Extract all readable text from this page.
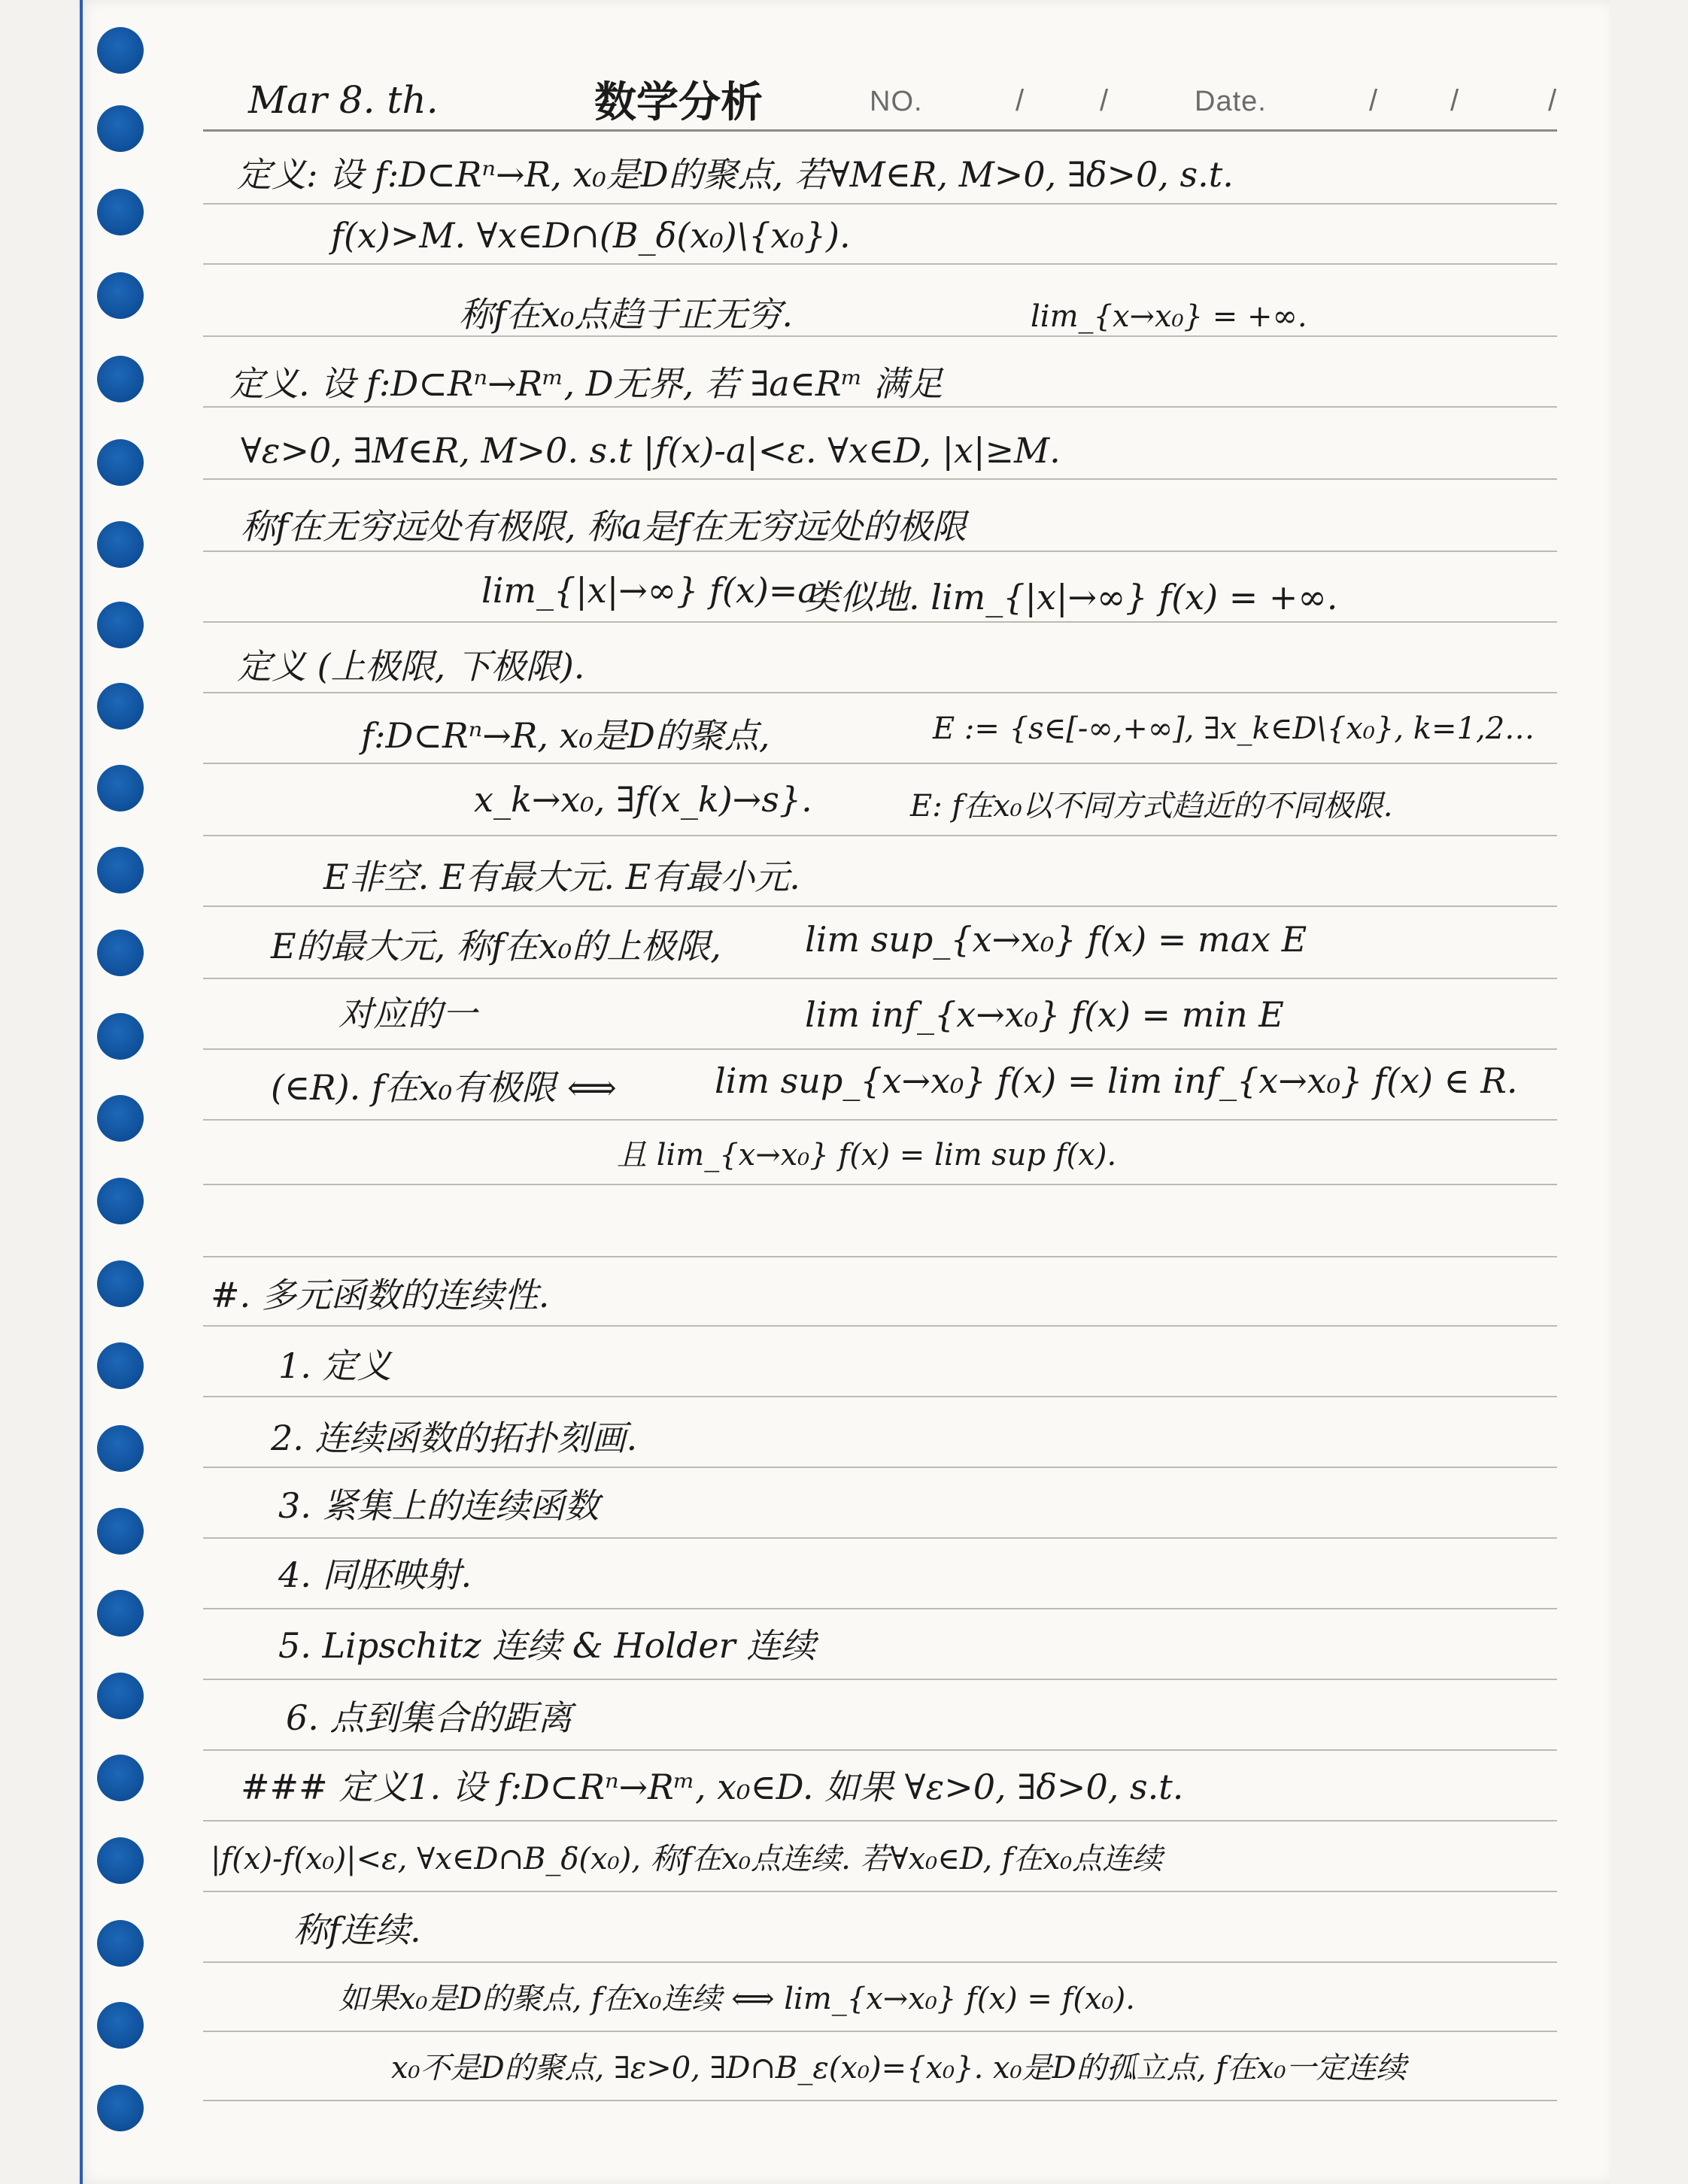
Mar 8. th.	数学分析	NO.	/	/	Date.	/ /	/
定义: 设 f:D⊂Rⁿ→R, x₀是D的聚点, 若∀M∈R, M>0, ∃δ>0, s.t.
f(x)>M. ∀x∈D∩(B_δ(x₀)\{x₀}).
称f在x₀点趋于正无穷.	lim_{x→x₀} = +∞.
定义. 设 f:D⊂Rⁿ→Rᵐ, D无界, 若 ∃a∈Rᵐ 满足
∀ε>0, ∃M∈R, M>0. s.t |f(x)-a|<ε. ∀x∈D, |x|≥M.
称f在无穷远处有极限, 称a是f在无穷远处的极限
lim_{|x|→∞} f(x)=a.
类似地. lim_{|x|→∞} f(x) = +∞.
定义 (上极限, 下极限).
f:D⊂Rⁿ→R, x₀是D的聚点,	E := {s∈[-∞,+∞], ∃x_k∈D\{x₀}, k=1,2…
x_k→x₀, ∃f(x_k)→s}.	E: f在x₀以不同方式趋近的不同极限.
E非空. E有最大元. E有最小元.
E的最大元, 称f在x₀的上极限, lim sup_{x→x₀} f(x) = max E
对应的一	lim inf_{x→x₀} f(x) = min E
(∈R). f在x₀有极限 ⟺	lim sup_{x→x₀} f(x) = lim inf_{x→x₀} f(x) ∈ R.
且 lim_{x→x₀} f(x) = lim sup f(x).
#. 多元函数的连续性.
1. 定义
2. 连续函数的拓扑刻画.
3. 紧集上的连续函数
4. 同胚映射.
5. Lipschitz 连续 & Holder 连续
6. 点到集合的距离
### 定义1. 设 f:D⊂Rⁿ→Rᵐ, x₀∈D. 如果 ∀ε>0, ∃δ>0, s.t.
|f(x)-f(x₀)|<ε, ∀x∈D∩B_δ(x₀), 称f在x₀点连续. 若∀x₀∈D, f在x₀点连续
称f连续.
如果x₀是D的聚点, f在x₀连续 ⟺ lim_{x→x₀} f(x) = f(x₀).
x₀不是D的聚点, ∃ε>0, ∃D∩B_ε(x₀)={x₀}. x₀是D的孤立点, f在x₀一定连续
